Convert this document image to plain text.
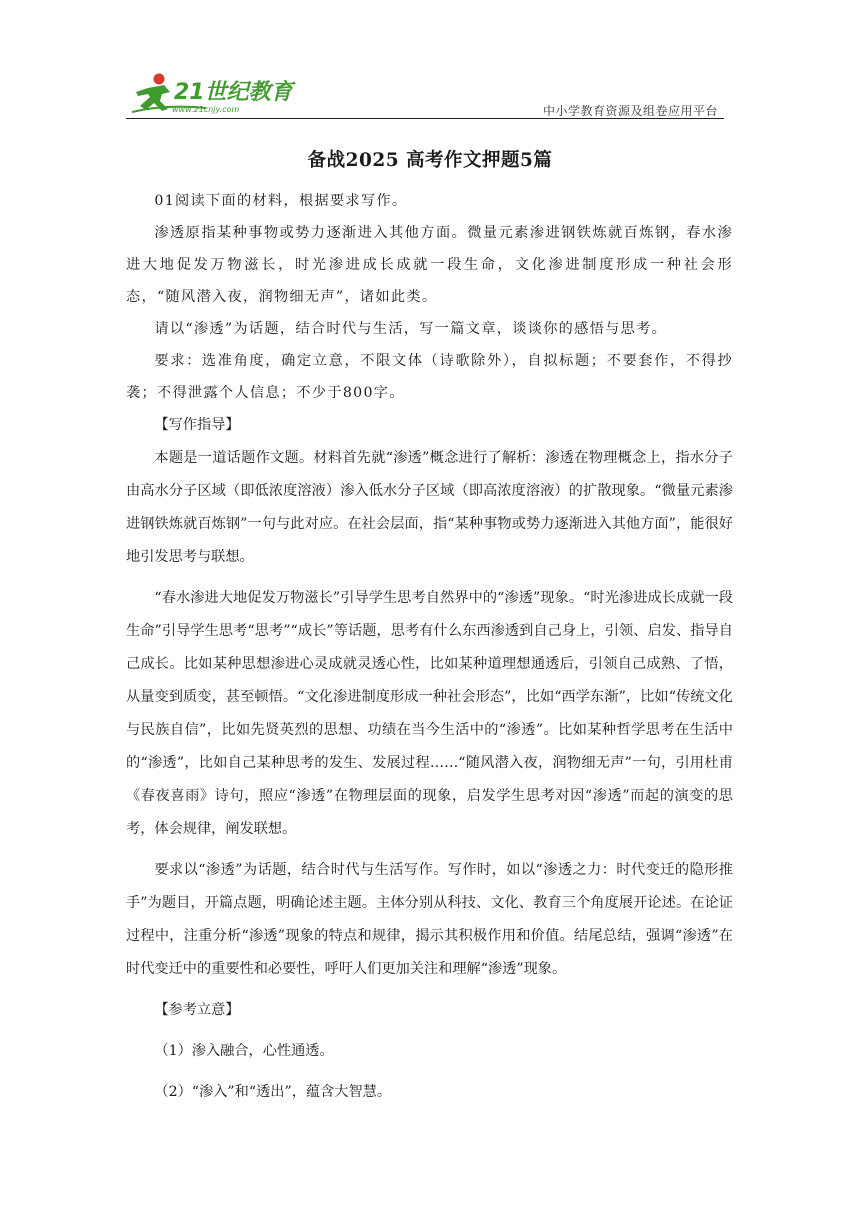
21世纪教育
www.21cnjy.com	中小学教育资源及组卷应用平台
备战2025 高考作文押题5篇

01阅读下面的材料，根据要求写作。

渗透原指某种事物或势力逐渐进入其他方面。微量元素渗进钢铁炼就百炼钢，春水渗进大地促发万物滋长，时光渗进成长成就一段生命，文化渗进制度形成一种社会形态，“随风潜入夜，润物细无声”，诸如此类。

请以“渗透”为话题，结合时代与生活，写一篇文章，谈谈你的感悟与思考。

要求：选准角度，确定立意，不限文体（诗歌除外），自拟标题；不要套作，不得抄袭；不得泄露个人信息；不少于800字。

【写作指导】

本题是一道话题作文题。材料首先就“渗透”概念进行了解析：渗透在物理概念上，指水分子由高水分子区域（即低浓度溶液）渗入低水分子区域（即高浓度溶液）的扩散现象。“微量元素渗进钢铁炼就百炼钢”一句与此对应。在社会层面，指“某种事物或势力逐渐进入其他方面”，能很好地引发思考与联想。

“春水渗进大地促发万物滋长”引导学生思考自然界中的“渗透”现象。“时光渗进成长成就一段生命”引导学生思考“思考”“成长”等话题，思考有什么东西渗透到自己身上，引领、启发、指导自己成长。比如某种思想渗进心灵成就灵透心性，比如某种道理想通透后，引领自己成熟、了悟，从量变到质变，甚至顿悟。“文化渗进制度形成一种社会形态”，比如“西学东渐”，比如“传统文化与民族自信”，比如先贤英烈的思想、功绩在当今生活中的“渗透”。比如某种哲学思考在生活中的“渗透”，比如自己某种思考的发生、发展过程……“随风潜入夜，润物细无声”一句，引用杜甫《春夜喜雨》诗句，照应“渗透”在物理层面的现象，启发学生思考对因“渗透”而起的演变的思考，体会规律，阐发联想。

要求以“渗透”为话题，结合时代与生活写作。写作时，如以“渗透之力：时代变迁的隐形推手”为题目，开篇点题，明确论述主题。主体分别从科技、文化、教育三个角度展开论述。在论证过程中，注重分析“渗透”现象的特点和规律，揭示其积极作用和价值。结尾总结，强调“渗透”在时代变迁中的重要性和必要性，呼吁人们更加关注和理解“渗透”现象。

【参考立意】

（1）渗入融合，心性通透。

（2）“渗入”和“透出”，蕴含大智慧。
